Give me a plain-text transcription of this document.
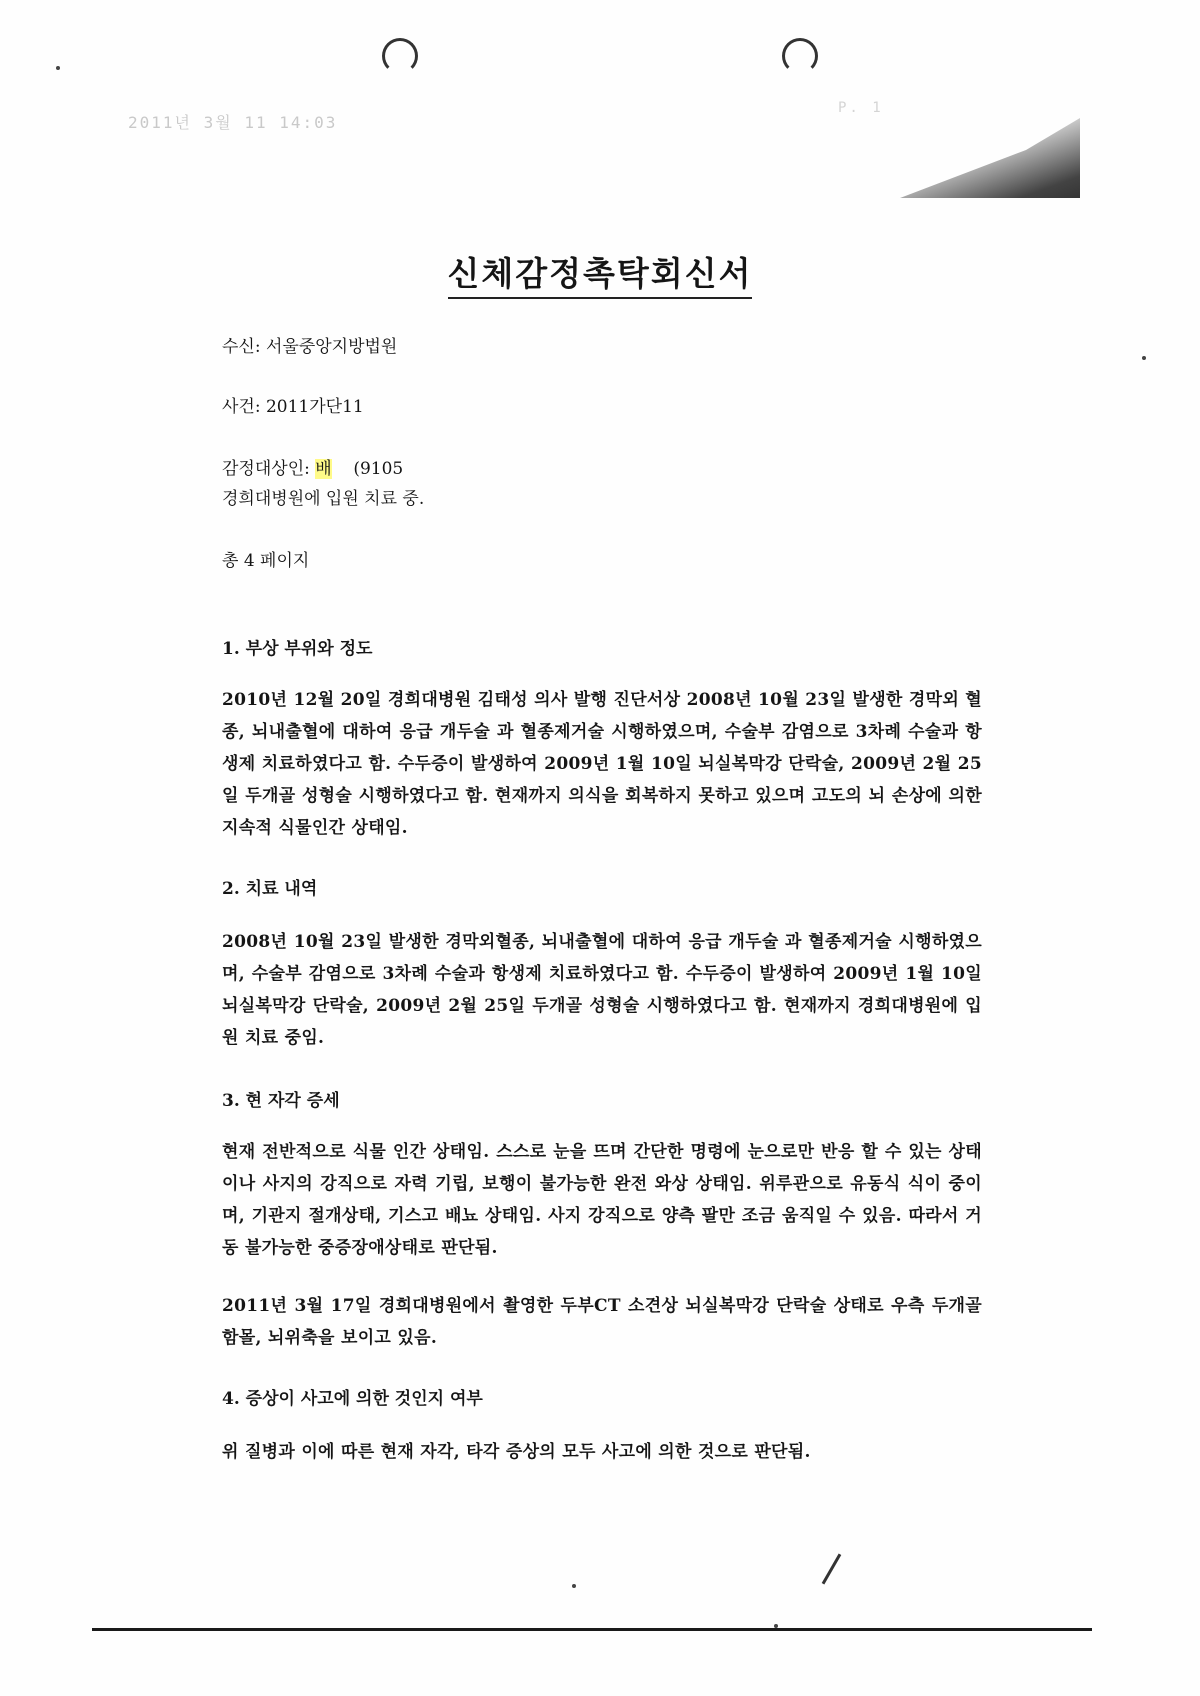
2011년 3월 11 14:03
P. 1
신체감정촉탁회신서
수신: 서울중앙지방법원
사건: 2011가단11
감정대상인: 배 (9105
경희대병원에 입원 치료 중.
총 4 페이지
1. 부상 부위와 정도

2010년 12월 20일 경희대병원 김태성 의사 발행 진단서상 2008년 10월 23일 발생한 경막외 혈종, 뇌내출혈에 대하여 응급 개두술 과 혈종제거술 시행하였으며, 수술부 감염으로 3차례 수술과 항생제 치료하였다고 함. 수두증이 발생하여 2009년 1월 10일 뇌실복막강 단락술, 2009년 2월 25일 두개골 성형술 시행하였다고 함. 현재까지 의식을 회복하지 못하고 있으며 고도의 뇌 손상에 의한 지속적 식물인간 상태임.

2. 치료 내역

2008년 10월 23일 발생한 경막외혈종, 뇌내출혈에 대하여 응급 개두술 과 혈종제거술 시행하였으며, 수술부 감염으로 3차례 수술과 항생제 치료하였다고 함. 수두증이 발생하여 2009년 1월 10일 뇌실복막강 단락술, 2009년 2월 25일 두개골 성형술 시행하였다고 함. 현재까지 경희대병원에 입원 치료 중임.

3. 현 자각 증세

현재 전반적으로 식물 인간 상태임. 스스로 눈을 뜨며 간단한 명령에 눈으로만 반응 할 수 있는 상태이나 사지의 강직으로 자력 기립, 보행이 불가능한 완전 와상 상태임. 위루관으로 유동식 식이 중이며, 기관지 절개상태, 기스고 배뇨 상태임. 사지 강직으로 양측 팔만 조금 움직일 수 있음. 따라서 거동 불가능한 중증장애상태로 판단됨.

2011년 3월 17일 경희대병원에서 촬영한 두부CT 소견상 뇌실복막강 단락술 상태로 우측 두개골 함몰, 뇌위축을 보이고 있음.

4. 증상이 사고에 의한 것인지 여부

위 질병과 이에 따른 현재 자각, 타각 증상의 모두 사고에 의한 것으로 판단됨.
